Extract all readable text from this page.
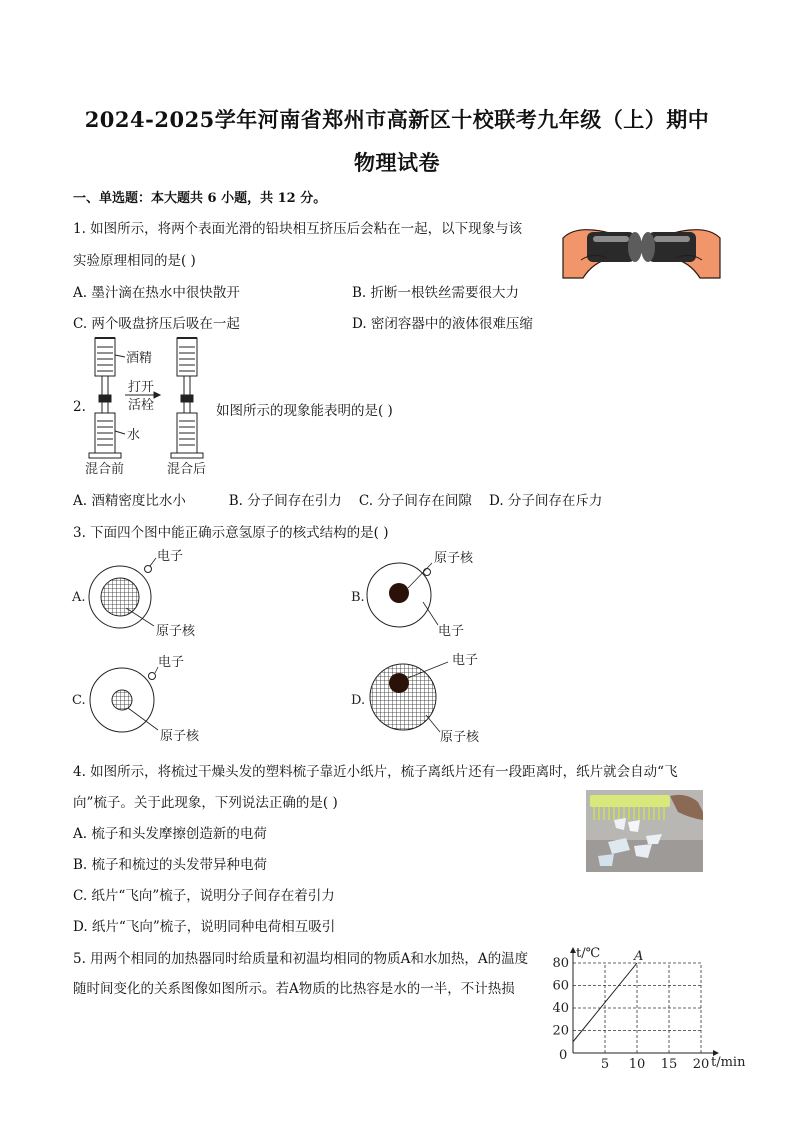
2024-2025学年河南省郑州市高新区十校联考九年级（上）期中
物理试卷
一、单选题：本大题共 6 小题，共 12 分。
1. 如图所示，将两个表面光滑的铅块相互挤压后会粘在一起，以下现象与该
实验原理相同的是( )
A. 墨汁滴在热水中很快散开	B. 折断一根铁丝需要很大力
C. 两个吸盘挤压后吸在一起	D. 密闭容器中的液体很难压缩
酒精
打开
活栓
水
混合前	混合后
2.	如图所示的现象能表明的是( )
A. 酒精密度比水小          B. 分子间存在引力    C. 分子间存在间隙    D. 分子间存在斥力
3. 下面四个图中能正确示意氢原子的核式结构的是( )
A.
电子
原子核
B.
原子核
电子
C.
电子
原子核
D.
电子
原子核
4. 如图所示，将梳过干燥头发的塑料梳子靠近小纸片，梳子离纸片还有一段距离时，纸片就会自动“飞
向”梳子。关于此现象，下列说法正确的是( )
A. 梳子和头发摩擦创造新的电荷
B. 梳子和梳过的头发带异种电荷
C. 纸片“飞向”梳子，说明分子间存在着引力
D. 纸片“飞向”梳子，说明同种电荷相互吸引
5. 用两个相同的加热器同时给质量和初温均相同的物质A和水加热，A的温度
随时间变化的关系图像如图所示。若A物质的比热容是水的一半，不计热损
5 10 15 20
20
40
60
80	A
t/℃
t/min
0
